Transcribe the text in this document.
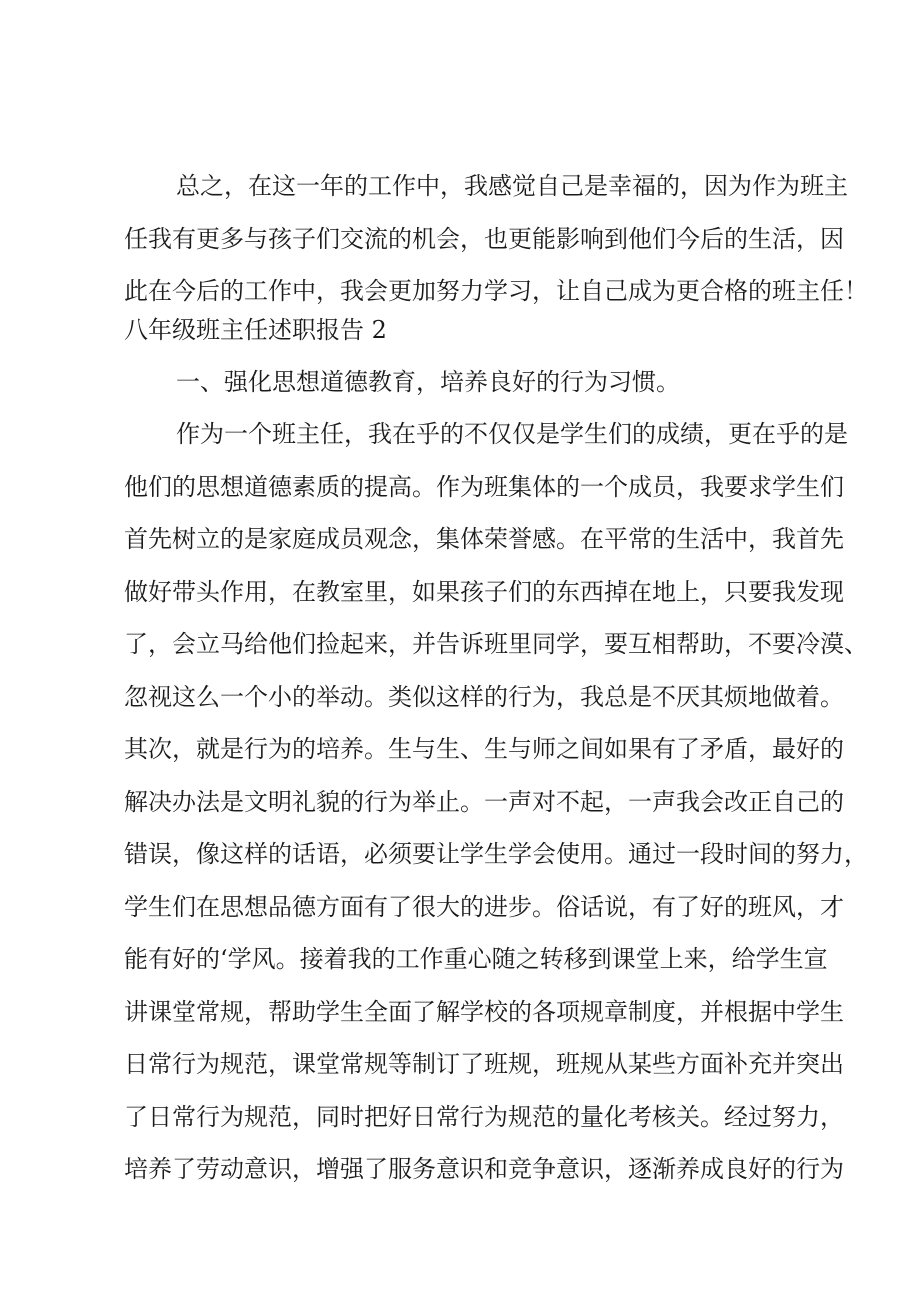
总之，在这一年的工作中，我感觉自己是幸福的，因为作为班主
任我有更多与孩子们交流的机会，也更能影响到他们今后的生活，因
此在今后的工作中，我会更加努力学习，让自己成为更合格的班主任！
八年级班主任述职报告 2
一、强化思想道德教育，培养良好的行为习惯。
作为一个班主任，我在乎的不仅仅是学生们的成绩，更在乎的是
他们的思想道德素质的提高。作为班集体的一个成员，我要求学生们
首先树立的是家庭成员观念，集体荣誉感。在平常的生活中，我首先
做好带头作用，在教室里，如果孩子们的东西掉在地上，只要我发现
了，会立马给他们捡起来，并告诉班里同学，要互相帮助，不要冷漠、
忽视这么一个小的举动。类似这样的行为，我总是不厌其烦地做着。
其次，就是行为的培养。生与生、生与师之间如果有了矛盾，最好的
解决办法是文明礼貌的行为举止。一声对不起，一声我会改正自己的
错误，像这样的话语，必须要让学生学会使用。通过一段时间的努力，
学生们在思想品德方面有了很大的进步。俗话说，有了好的班风，才
能有好的‘学风。接着我的工作重心随之转移到课堂上来，给学生宣
讲课堂常规，帮助学生全面了解学校的各项规章制度，并根据中学生
日常行为规范，课堂常规等制订了班规，班规从某些方面补充并突出
了日常行为规范，同时把好日常行为规范的量化考核关。经过努力，
培养了劳动意识，增强了服务意识和竞争意识，逐渐养成良好的行为
